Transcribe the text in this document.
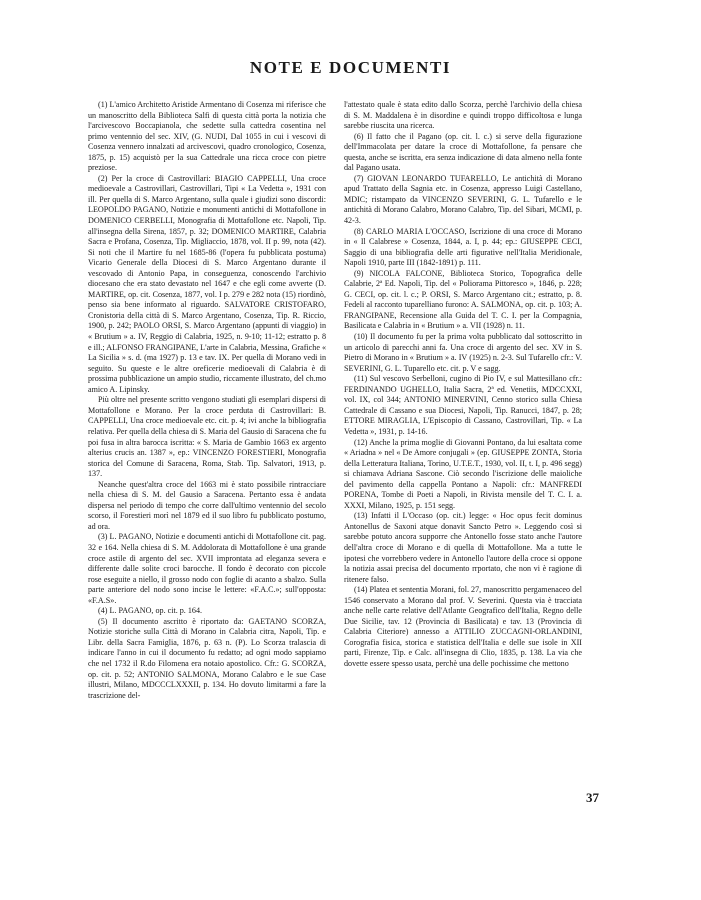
NOTE E DOCUMENTI

(1) L'amico Architetto Aristide Armentano di Cosenza mi riferisce che un manoscritto della Biblioteca Salfi di questa città porta la notizia che l'arcivescovo Boccapianola, che sedette sulla cattedra cosentina nel primo ventennio del sec. XIV, (G. NUDI, Dal 1055 in cui i vescovi di Cosenza vennero innalzati ad arcivescovi, quadro cronologico, Cosenza, 1875, p. 15) acquistò per la sua Cattedrale una ricca croce con pietre preziose.

(2) Per la croce di Castrovillari: BIAGIO CAPPELLI, Una croce medioevale a Castrovillari, Castrovillari, Tipi « La Vedetta », 1931 con ill. Per quella di S. Marco Argentano, sulla quale i giudizi sono discordi: LEOPOLDO PAGANO, Notizie e monumenti antichi di Mottafollone in DOMENICO CERBELLI, Monografia di Mottafollone etc. Napoli, Tip. all'insegna della Sirena, 1857, p. 32; DOMENICO MARTIRE, Calabria Sacra e Profana, Cosenza, Tip. Migliaccio, 1878, vol. II p. 99, nota (42). Si noti che il Martire fu nel 1685-86 (l'opera fu pubblicata postuma) Vicario Generale della Diocesi di S. Marco Argentano durante il vescovado di Antonio Papa, in conseguenza, conoscendo l'archivio diocesano che era stato devastato nel 1647 e che egli come avverte (D. MARTIRE, op. cit. Cosenza, 1877, vol. I p. 279 e 282 nota (15) riordinò, penso sia bene informato al riguardo. SALVATORE CRISTOFARO, Cronistoria della città di S. Marco Argentano, Cosenza, Tip. R. Riccio, 1900, p. 242; PAOLO ORSI, S. Marco Argentano (appunti di viaggio) in « Brutium » a. IV, Reggio di Calabria, 1925, n. 9-10; 11-12; estratto p. 8 e ill.; ALFONSO FRANGIPANE, L'arte in Calabria, Messina, Grafiche « La Sicilia » s. d. (ma 1927) p. 13 e tav. IX. Per quella di Morano vedi in seguito. Su queste e le altre oreficerie medioevali di Calabria è di prossima pubblicazione un ampio studio, riccamente illustrato, del ch.mo amico A. Lipinsky.

Più oltre nel presente scritto vengono studiati gli esemplari dispersi di Mottafollone e Morano. Per la croce perduta di Castrovillari: B. CAPPELLI, Una croce medioevale etc. cit. p. 4; ivi anche la bibliografia relativa. Per quella della chiesa di S. Maria del Gausio di Saracena che fu poi fusa in altra barocca iscritta: « S. Maria de Gambio 1663 ex argento alterius crucis an. 1387 », ep.: VINCENZO FORESTIERI, Monografia storica del Comune di Saracena, Roma, Stab. Tip. Salvatori, 1913, p. 137.

Neanche quest'altra croce del 1663 mi è stato possibile rintracciare nella chiesa di S. M. del Gausio a Saracena. Pertanto essa è andata dispersa nel periodo di tempo che corre dall'ultimo ventennio del secolo scorso, il Forestieri morì nel 1879 ed il suo libro fu pubblicato postumo, ad ora.

(3) L. PAGANO, Notizie e documenti antichi di Mottafollone cit. pag. 32 e 164. Nella chiesa di S. M. Addolorata di Mottafollone è una grande croce astile di argento del sec. XVII improntata ad eleganza severa e differente dalle solite croci barocche. Il fondo è decorato con piccole rose eseguite a niello, il grosso nodo con foglie di acanto a sbalzo. Sulla parte anteriore del nodo sono incise le lettere: «F.A.C.»; sull'opposta: «F.A.S».

(4) L. PAGANO, op. cit. p. 164.

(5) Il documento ascritto è riportato da: GAETANO SCORZA, Notizie storiche sulla Città di Morano in Calabria citra, Napoli, Tip. e Libr. della Sacra Famiglia, 1876, p. 63 n. (P). Lo Scorza tralascia di indicare l'anno in cui il documento fu redatto; ad ogni modo sappiamo che nel 1732 il R.do Filomena era notaio apostolico. Cfr.: G. SCORZA, op. cit. p. 52; ANTONIO SALMONA, Morano Calabro e le sue Case illustri, Milano, MDCCCLXXXII, p. 134. Ho dovuto limitarmi a fare la trascrizione del-

l'attestato quale è stata edito dallo Scorza, perchè l'archivio della chiesa di S. M. Maddalena è in disordine e quindi troppo difficoltosa e lunga sarebbe riuscita una ricerca.

(6) Il fatto che il Pagano (op. cit. l. c.) si serve della figurazione dell'Immacolata per datare la croce di Mottafollone, fa pensare che questa, anche se iscritta, era senza indicazione di data almeno nella fonte dal Pagano usata.

(7) GIOVAN LEONARDO TUFARELLO, Le antichità di Morano apud Trattato della Sagnia etc. in Cosenza, appresso Luigi Castellano, MDIC; ristampato da VINCENZO SEVERINI, G. L. Tufarello e le antichità di Morano Calabro, Morano Calabro, Tip. del Sibari, MCMI, p. 42-3.

(8) CARLO MARIA L'OCCASO, Iscrizione di una croce di Morano in « Il Calabrese » Cosenza, 1844, a. I, p. 44; ep.: GIUSEPPE CECI, Saggio di una bibliografia delle arti figurative nell'Italia Meridionale, Napoli 1910, parte III (1842-1891) p. 111.

(9) NICOLA FALCONE, Biblioteca Storico, Topografica delle Calabrie, 2ª Ed. Napoli, Tip. del « Poliorama Pittoresco », 1846, p. 228; G. CECI, op. cit. l. c.; P. ORSI, S. Marco Argentano cit.; estratto, p. 8. Fedeli al racconto tuparelliano furono: A. SALMONA, op. cit. p. 103; A. FRANGIPANE, Recensione alla Guida del T. C. I. per la Compagnia, Basilicata e Calabria in « Brutium » a. VII (1928) n. 11.

(10) Il documento fu per la prima volta pubblicato dal sottoscritto in un articolo di parecchi anni fa. Una croce di argento del sec. XV in S. Pietro di Morano in « Brutium » a. IV (1925) n. 2-3. Sul Tufarello cfr.: V. SEVERINI, G. L. Tuparello etc. cit. p. V e sagg.

(11) Sul vescovo Serbelloni, cugino di Pio IV, e sul Mattesillano cfr.: FERDINANDO UGHELLO, Italia Sacra, 2ª ed. Venetiis, MDCCXXI, vol. IX, col 344; ANTONIO MINERVINI, Cenno storico sulla Chiesa Cattedrale di Cassano e sua Diocesi, Napoli, Tip. Ranucci, 1847, p. 28; ETTORE MIRAGLIA, L'Episcopio di Cassano, Castrovillari, Tip. « La Vedetta », 1931, p. 14-16.

(12) Anche la prima moglie di Giovanni Pontano, da lui esaltata come « Ariadna » nel « De Amore conjugali » (ep. GIUSEPPE ZONTA, Storia della Letteratura Italiana, Torino, U.T.E.T., 1930, vol. II, t. I, p. 496 segg) si chiamava Adriana Sascone. Ciò secondo l'iscrizione delle maioliche del pavimento della cappella Pontano a Napoli: cfr.: MANFREDI PORENA, Tombe di Poeti a Napoli, in Rivista mensile del T. C. I. a. XXXI, Milano, 1925, p. 151 segg.

(13) Infatti il L'Occaso (op. cit.) legge: « Hoc opus fecit dominus Antonellus de Saxoni atque donavit Sancto Petro ». Leggendo così si sarebbe potuto ancora supporre che Antonello fosse stato anche l'autore dell'altra croce di Morano e di quella di Mottafollone. Ma a tutte le ipotesi che vorrebbero vedere in Antonello l'autore della croce si oppone la notizia assai precisa del documento rrportato, che non vi è ragione di ritenere falso.

(14) Platea et sententia Morani, fol. 27, manoscritto pergamenaceo del 1546 conservato a Morano dal prof. V. Severini. Questa via è tracciata anche nelle carte relative dell'Atlante Geografico dell'Italia, Regno delle Due Sicilie, tav. 12 (Provincia di Basilicata) e tav. 13 (Provincia di Calabria Citeriore) annesso a ATTILIO ZUCCAGNI-ORLANDINI, Corografia fisica, storica e statistica dell'Italia e delle sue isole in XII parti, Firenze, Tip. e Calc. all'insegna di Clio, 1835, p. 138. La via che dovette essere spesso usata, perchè una delle pochissime che mettono

37
